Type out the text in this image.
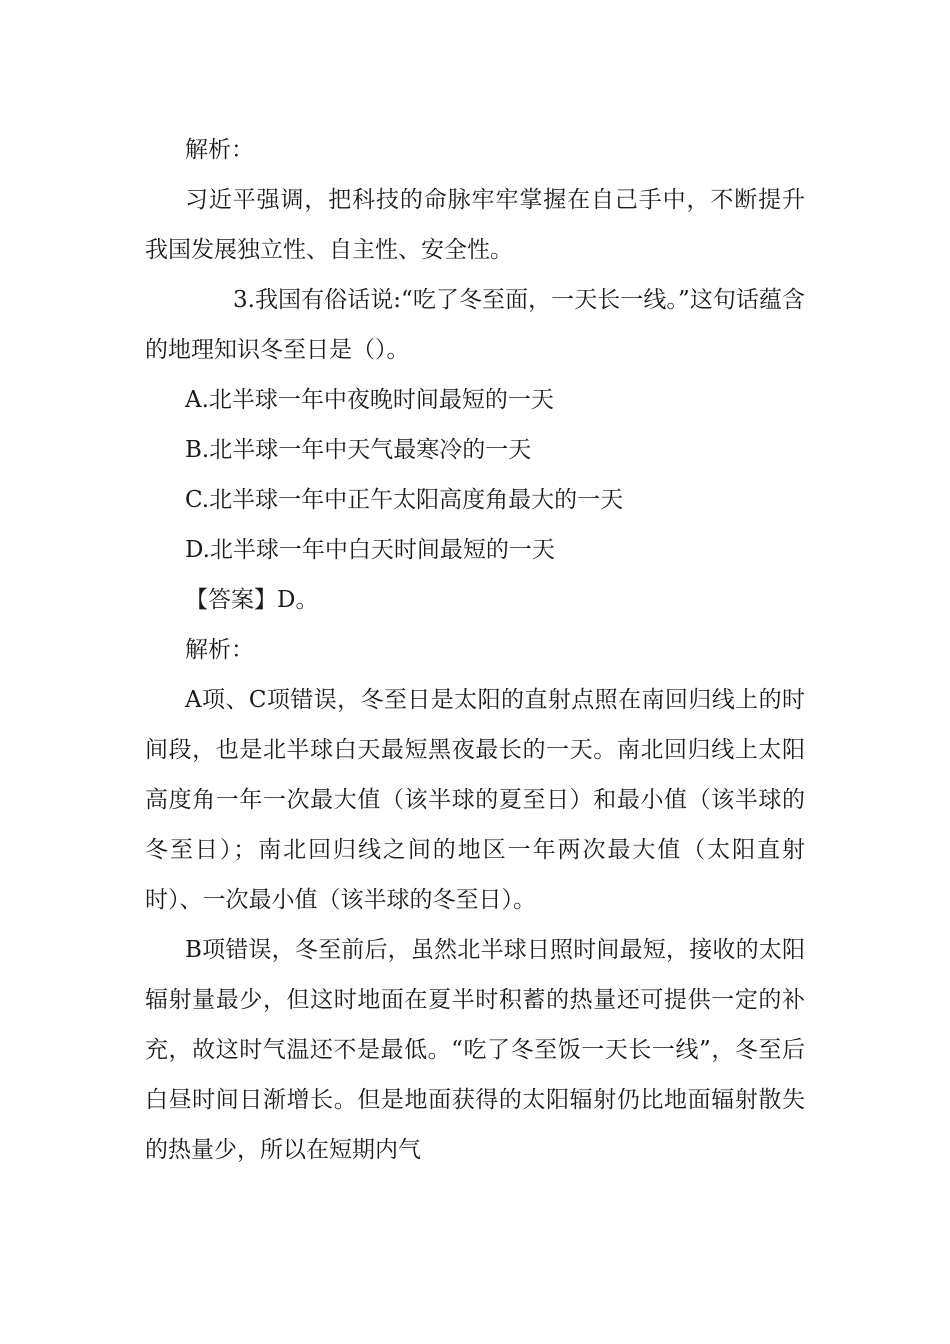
解析：

习近平强调，把科技的命脉牢牢掌握在自己手中，不断提升我国发展独立性、自主性、安全性。

3.我国有俗话说:“吃了冬至面，一天长一线。”这句话蕴含的地理知识冬至日是（）。

A.北半球一年中夜晚时间最短的一天

B.北半球一年中天气最寒冷的一天

C.北半球一年中正午太阳高度角最大的一天

D.北半球一年中白天时间最短的一天

【答案】D。

解析：

A项、C项错误，冬至日是太阳的直射点照在南回归线上的时间段，也是北半球白天最短黑夜最长的一天。南北回归线上太阳高度角一年一次最大值（该半球的夏至日）和最小值（该半球的冬至日）；南北回归线之间的地区一年两次最大值（太阳直射时）、一次最小值（该半球的冬至日）。

B项错误，冬至前后，虽然北半球日照时间最短，接收的太阳辐射量最少，但这时地面在夏半时积蓄的热量还可提供一定的补充，故这时气温还不是最低。“吃了冬至饭一天长一线”，冬至后白昼时间日渐增长。但是地面获得的太阳辐射仍比地面辐射散失的热量少，所以在短期内气
